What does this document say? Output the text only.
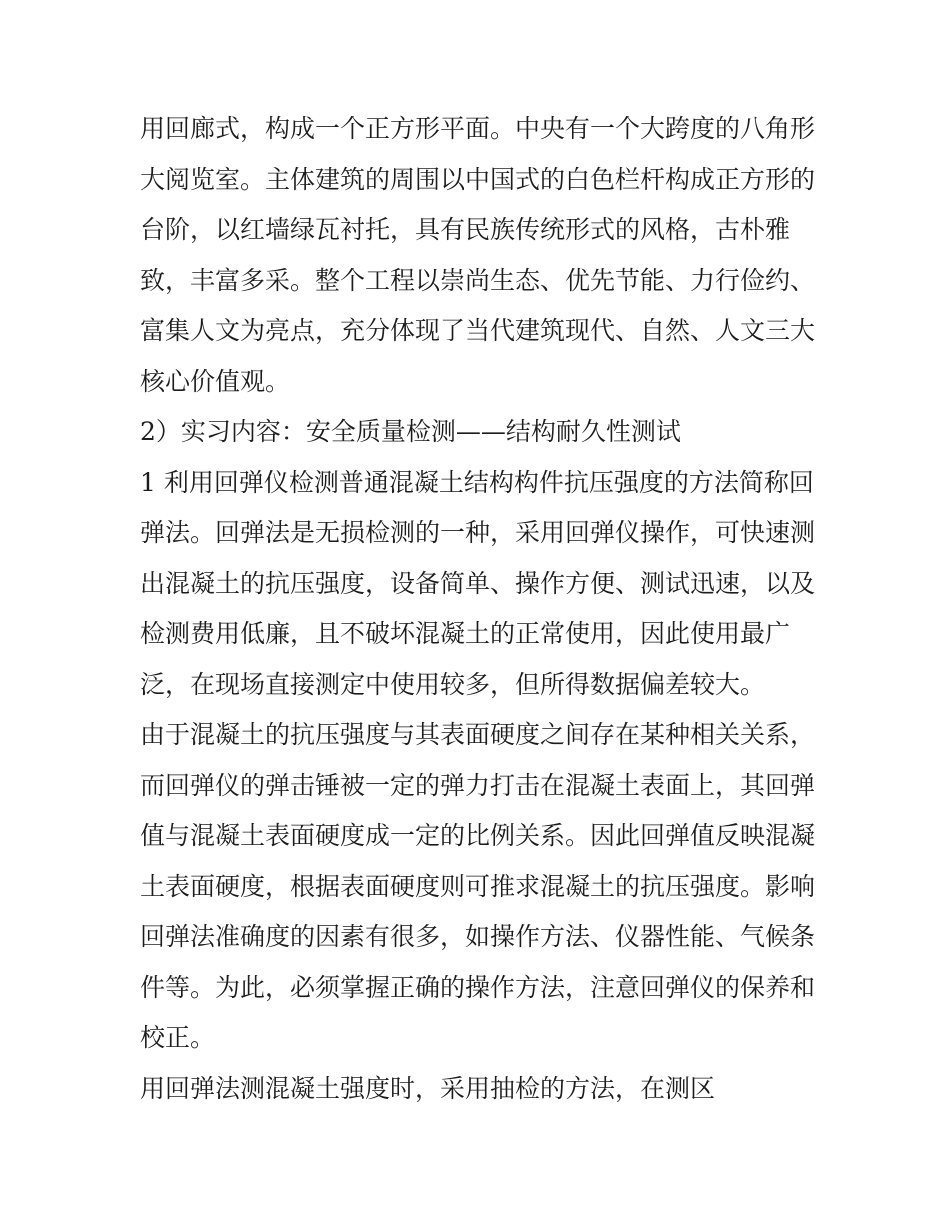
用回廊式，构成一个正方形平面。中央有一个大跨度的八角形
大阅览室。主体建筑的周围以中国式的白色栏杆构成正方形的
台阶，以红墙绿瓦衬托，具有民族传统形式的风格，古朴雅
致，丰富多采。整个工程以崇尚生态、优先节能、力行俭约、
富集人文为亮点，充分体现了当代建筑现代、自然、人文三大
核心价值观。
2）实习内容：安全质量检测——结构耐久性测试
1 利用回弹仪检测普通混凝土结构构件抗压强度的方法简称回
弹法。回弹法是无损检测的一种，采用回弹仪操作，可快速测
出混凝土的抗压强度，设备简单、操作方便、测试迅速，以及
检测费用低廉，且不破坏混凝土的正常使用，因此使用最广
泛，在现场直接测定中使用较多，但所得数据偏差较大。
由于混凝土的抗压强度与其表面硬度之间存在某种相关关系，
而回弹仪的弹击锤被一定的弹力打击在混凝土表面上，其回弹
值与混凝土表面硬度成一定的比例关系。因此回弹值反映混凝
土表面硬度，根据表面硬度则可推求混凝土的抗压强度。影响
回弹法准确度的因素有很多，如操作方法、仪器性能、气候条
件等。为此，必须掌握正确的操作方法，注意回弹仪的保养和
校正。
用回弹法测混凝土强度时，采用抽检的方法，在测区
